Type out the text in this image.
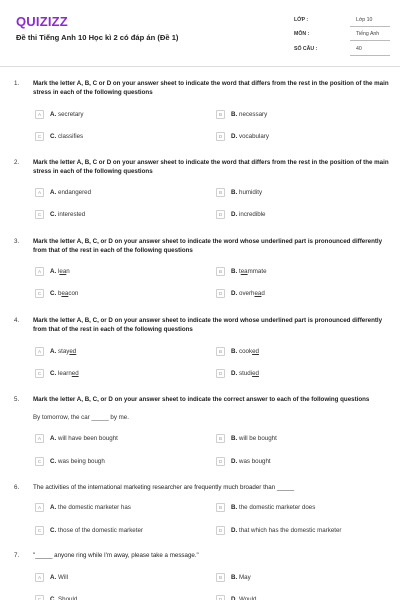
QUIZIZZ
Đề thi Tiếng Anh 10 Học kì 2 có đáp án (Đề 1)
LỚP :	Lớp 10
MÔN :	Tiếng Anh
SỐ CÂU :	40
1. Mark the letter A, B, C or D on your answer sheet to indicate the word that differs from the rest in the position of the main stress in each of the following questions
A	A. secretary	B	B. necessary
C	C. classifies	D	D. vocabulary
2. Mark the letter A, B, C or D on your answer sheet to indicate the word that differs from the rest in the position of the main stress in each of the following questions
A	A. endangered	B	B. humidity
C	C. interested	D	D. incredible
3. Mark the letter A, B, C, or D on your answer sheet to indicate the word whose underlined part is pronounced differently from that of the rest in each of the following questions
A	A. lean	B	B. teammate
C	C. beacon	D	D. overhead
4. Mark the letter A, B, C, or D on your answer sheet to indicate the word whose underlined part is pronounced differently from that of the rest in each of the following questions
A	A. stayed	B	B. cooked
C	C. learned	D	D. studied
5. Mark the letter A, B, C, or D on your answer sheet to indicate the correct answer to each of the following questions
By tomorrow, the car _____ by me.
A	A. will have been bought	B	B. will be bought
C	C. was being bough	D	D. was bought
6. The activities of the international marketing researcher are frequently much broader than _____
A	A. the domestic marketer has	B	B. the domestic marketer does
C	C. those of the domestic marketer	D	D. that which has the domestic marketer
7. "_____ anyone ring while I'm away, please take a message."
A	A. Will	B	B. May
C	C. Should	D	D. Would
